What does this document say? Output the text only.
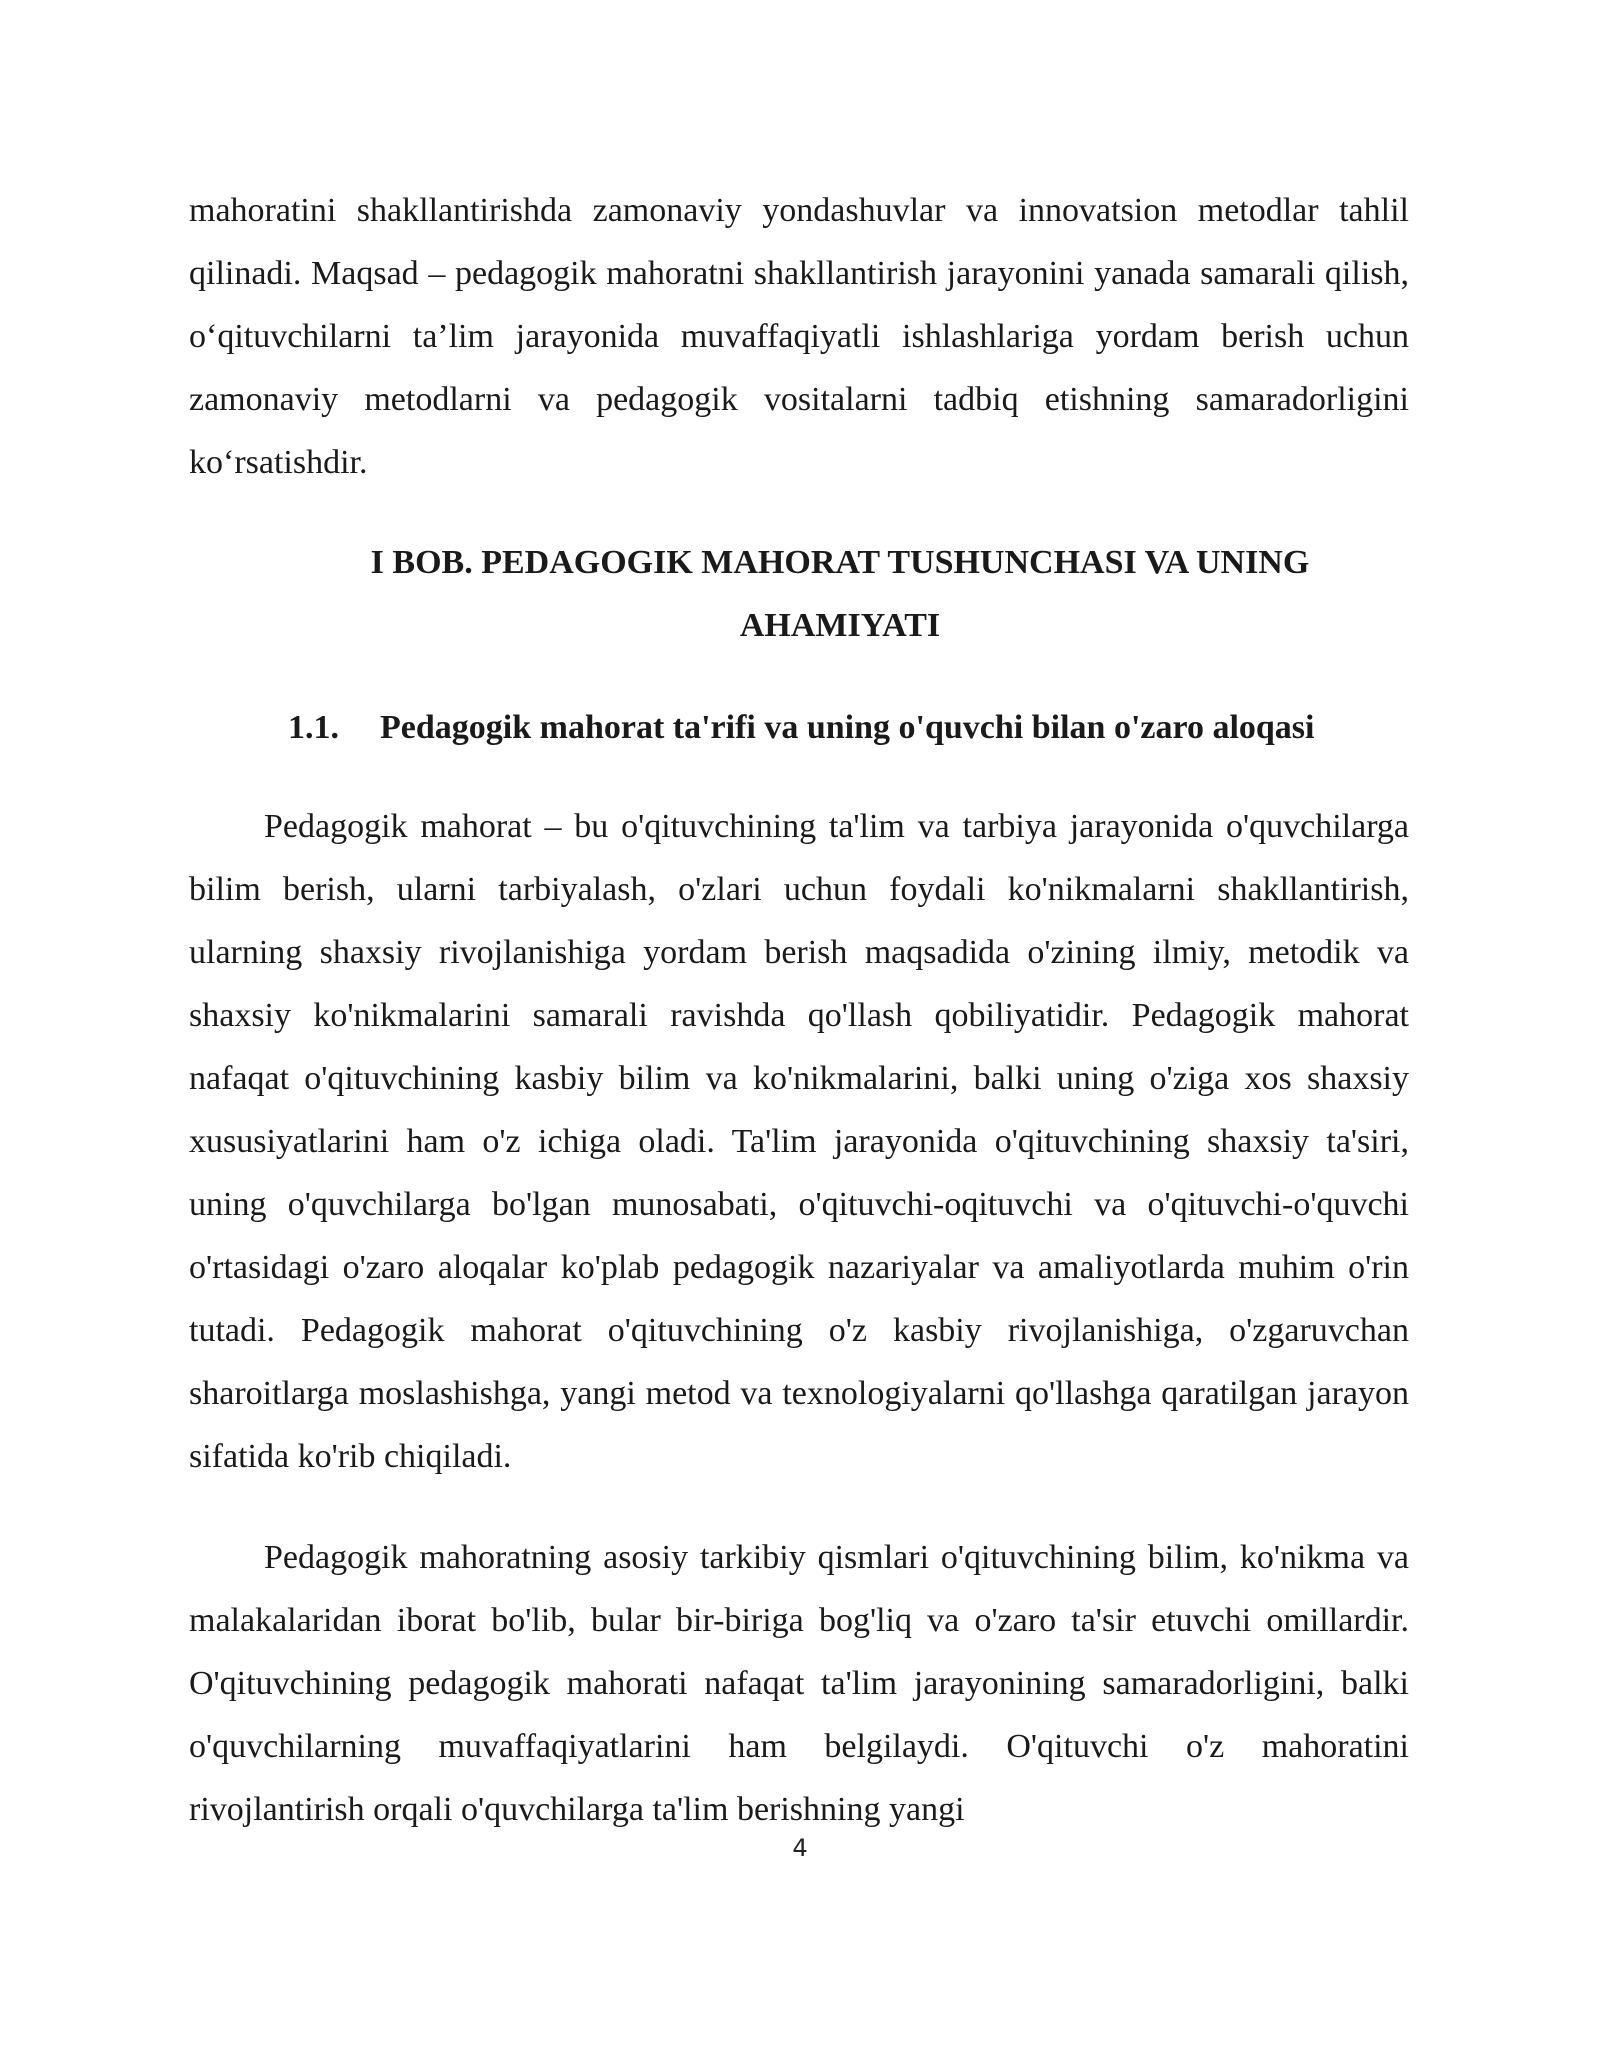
mahoratini shakllantirishda zamonaviy yondashuvlar va innovatsion metodlar tahlil qilinadi. Maqsad – pedagogik mahoratni shakllantirish jarayonini yanada samarali qilish, o‘qituvchilarni ta’lim jarayonida muvaffaqiyatli ishlashlariga yordam berish uchun zamonaviy metodlarni va pedagogik vositalarni tadbiq etishning samaradorligini ko‘rsatishdir.

I BOB. PEDAGOGIK MAHORAT TUSHUNCHASI VA UNING
AHAMIYATI
1.1. Pedagogik mahorat ta'rifi va uning o'quvchi bilan o'zaro aloqasi

Pedagogik mahorat – bu o'qituvchining ta'lim va tarbiya jarayonida o'quvchilarga bilim berish, ularni tarbiyalash, o'zlari uchun foydali ko'nikmalarni shakllantirish, ularning shaxsiy rivojlanishiga yordam berish maqsadida o'zining ilmiy, metodik va shaxsiy ko'nikmalarini samarali ravishda qo'llash qobiliyatidir. Pedagogik mahorat nafaqat o'qituvchining kasbiy bilim va ko'nikmalarini, balki uning o'ziga xos shaxsiy xususiyatlarini ham o'z ichiga oladi. Ta'lim jarayonida o'qituvchining shaxsiy ta'siri, uning o'quvchilarga bo'lgan munosabati, o'qituvchi-oqituvchi va o'qituvchi-o'quvchi o'rtasidagi o'zaro aloqalar ko'plab pedagogik nazariyalar va amaliyotlarda muhim o'rin tutadi. Pedagogik mahorat o'qituvchining o'z kasbiy rivojlanishiga, o'zgaruvchan sharoitlarga moslashishga, yangi metod va texnologiyalarni qo'llashga qaratilgan jarayon sifatida ko'rib chiqiladi.

Pedagogik mahoratning asosiy tarkibiy qismlari o'qituvchining bilim, ko'nikma va malakalaridan iborat bo'lib, bular bir-biriga bog'liq va o'zaro ta'sir etuvchi omillardir. O'qituvchining pedagogik mahorati nafaqat ta'lim jarayonining samaradorligini, balki o'quvchilarning muvaffaqiyatlarini ham belgilaydi. O'qituvchi o'z mahoratini rivojlantirish orqali o'quvchilarga ta'lim berishning yangi

4
